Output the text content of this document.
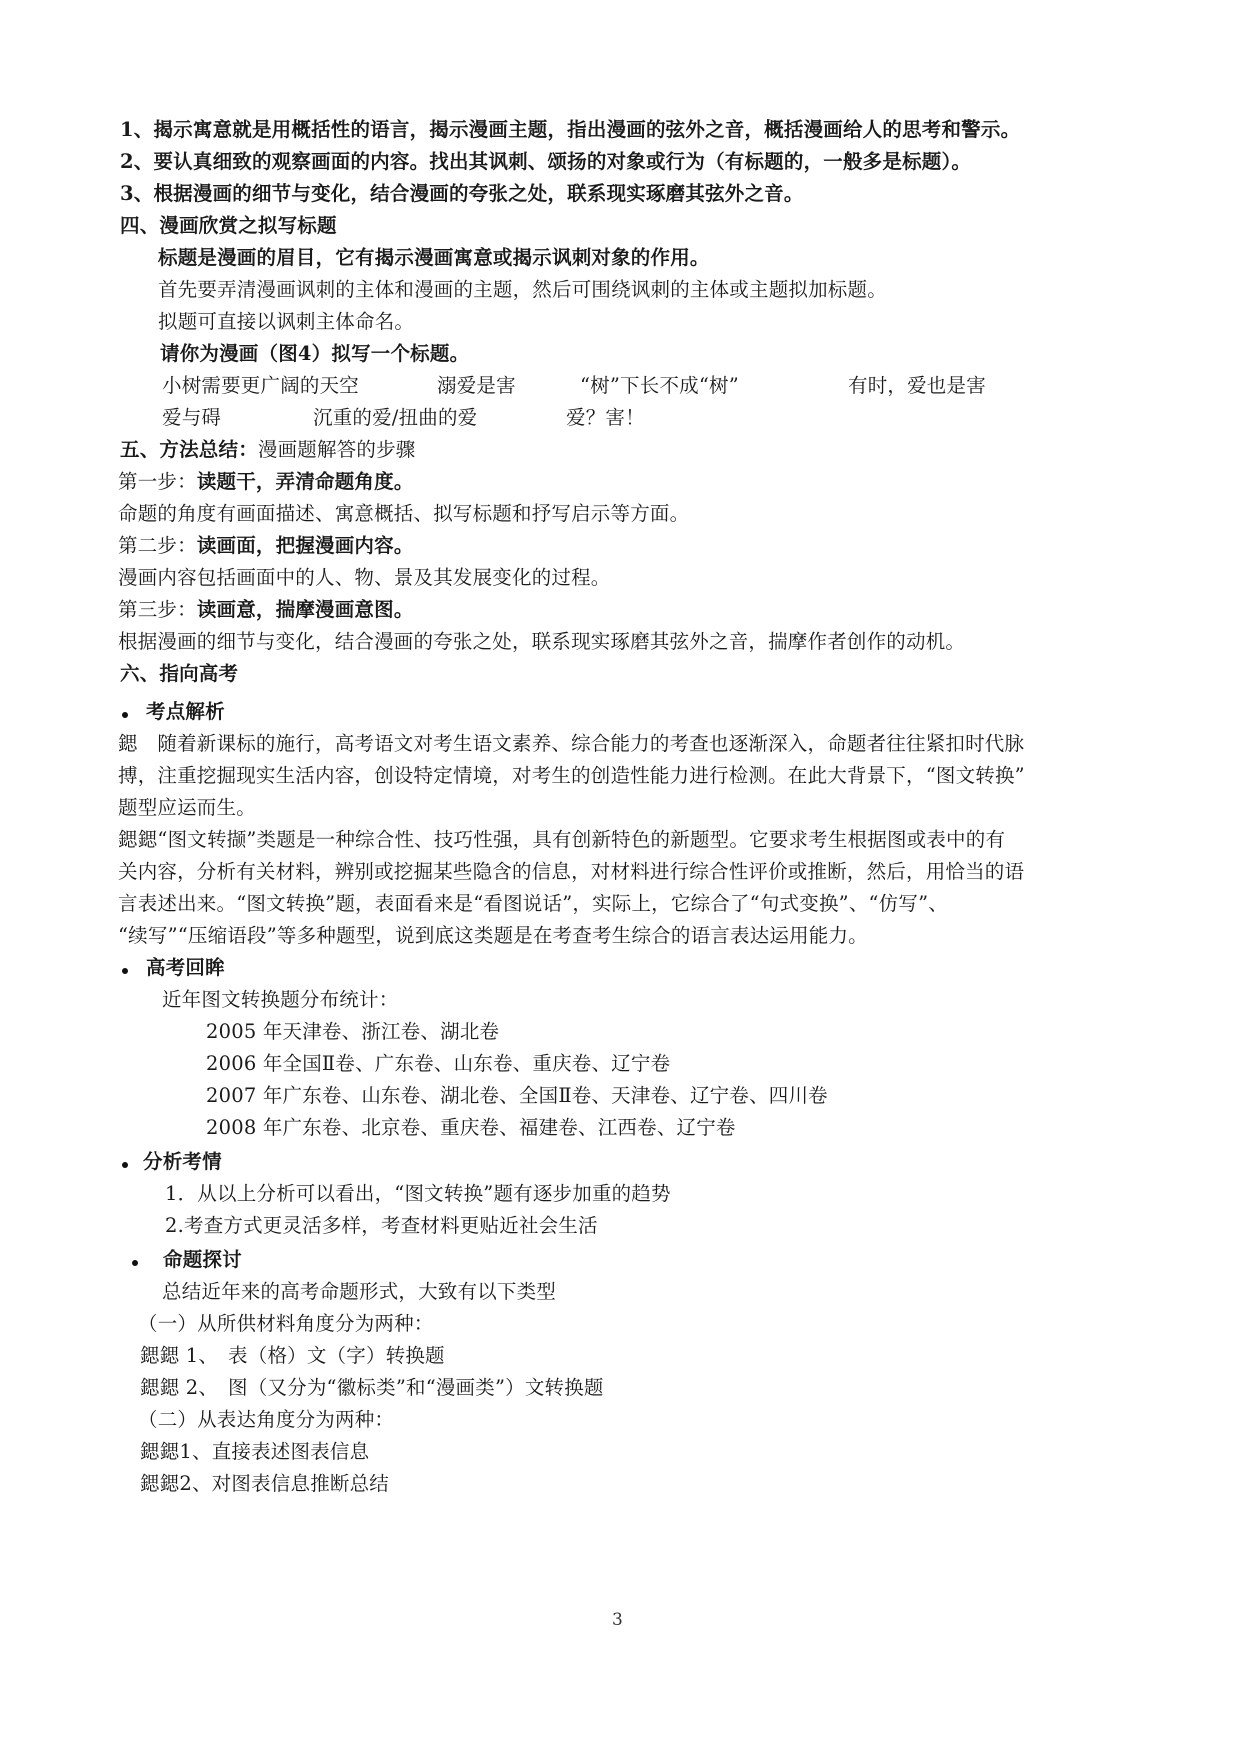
1、揭示寓意就是用概括性的语言，揭示漫画主题，指出漫画的弦外之音，概括漫画给人的思考和警示。
2、要认真细致的观察画面的内容。找出其讽刺、颂扬的对象或行为（有标题的，一般多是标题）。
3、根据漫画的细节与变化，结合漫画的夸张之处，联系现实琢磨其弦外之音。
四、漫画欣赏之拟写标题
标题是漫画的眉目，它有揭示漫画寓意或揭示讽刺对象的作用。
首先要弄清漫画讽刺的主体和漫画的主题，然后可围绕讽刺的主体或主题拟加标题。
拟题可直接以讽刺主体命名。
请你为漫画（图4）拟写一个标题。
小树需要更广阔的天空	溺爱是害	“树”下长不成“树”	有时，爱也是害
爱与碍	沉重的爱/扭曲的爱	爱？害！
五、方法总结：漫画题解答的步骤
第一步：读题干，弄清命题角度。
命题的角度有画面描述、寓意概括、拟写标题和抒写启示等方面。
第二步：读画面，把握漫画内容。
漫画内容包括画面中的人、物、景及其发展变化的过程。
第三步：读画意，揣摩漫画意图。
根据漫画的细节与变化，结合漫画的夸张之处，联系现实琢磨其弦外之音，揣摩作者创作的动机。
六、指向高考
考点解析
鍶　随着新课标的施行，高考语文对考生语文素养、综合能力的考查也逐渐深入，命题者往往紧扣时代脉
搏，注重挖掘现实生活内容，创设特定情境，对考生的创造性能力进行检测。在此大背景下，“图文转换”
题型应运而生。
鍶鍶“图文转撷”类题是一种综合性、技巧性强，具有创新特色的新题型。它要求考生根据图或表中的有
关内容，分析有关材料，辨别或挖掘某些隐含的信息，对材料进行综合性评价或推断，然后，用恰当的语
言表述出来。“图文转换”题，表面看来是“看图说话”，实际上，它综合了“句式变换”、“仿写”、
“续写”“压缩语段”等多种题型，说到底这类题是在考查考生综合的语言表达运用能力。
高考回眸
近年图文转换题分布统计：
2005 年天津卷、浙江卷、湖北卷
2006 年全国Ⅱ卷、广东卷、山东卷、重庆卷、辽宁卷
2007 年广东卷、山东卷、湖北卷、全国Ⅱ卷、天津卷、辽宁卷、四川卷
2008 年广东卷、北京卷、重庆卷、福建卷、江西卷、辽宁卷
分析考情
1．从以上分析可以看出，“图文转换”题有逐步加重的趋势
2.考查方式更灵活多样，考查材料更贴近社会生活
命题探讨
总结近年来的高考命题形式，大致有以下类型
（一）从所供材料角度分为两种：
鍶鍶 1、　表（格）文（字）转换题
鍶鍶 2、　图（又分为“徽标类”和“漫画类”）文转换题
（二）从表达角度分为两种：
鍶鍶1、直接表述图表信息
鍶鍶2、对图表信息推断总结
3
